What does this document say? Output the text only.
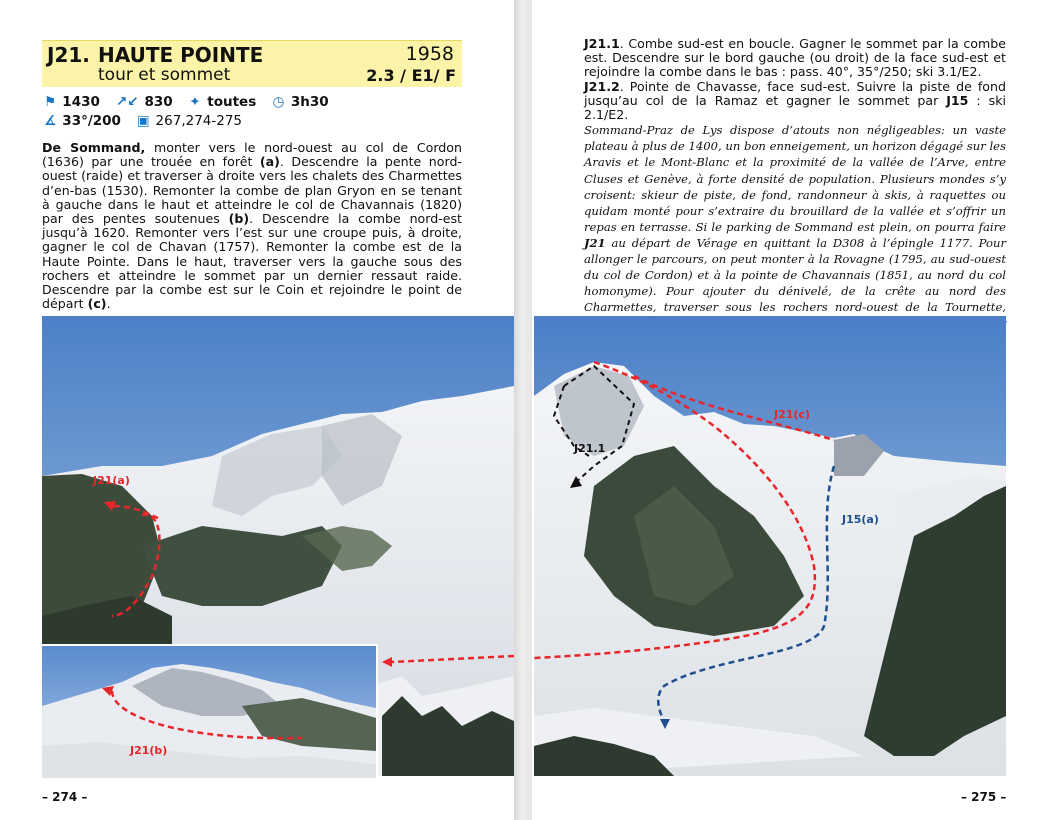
J21. HAUTE POINTE
tour et sommet
1958
2.3 / E1/ F
⚑ 1430 ↗↙ 830 ✦ toutes ◷ 3h30
∡ 33°/200 ▣ 267,274-275
De Sommand, monter vers le nord-ouest au col de Cordon (1636) par une trouée en forêt (a). Descendre la pente nord-ouest (raide) et traverser à droite vers les chalets des Charmettes d’en-bas (1530). Remonter la combe de plan Gryon en se tenant à gauche dans le haut et atteindre le col de Chavannais (1820) par des pentes soutenues (b). Descendre la combe nord-est jusqu’à 1620. Remonter vers l’est sur une croupe puis, à droite, gagner le col de Chavan (1757). Remonter la combe est de la Haute Pointe. Dans le haut, traverser vers la gauche sous des rochers et atteindre le sommet par un dernier ressaut raide. Descendre par la combe est sur le Coin et rejoindre le point de départ (c).
J21(a)
J21(b)
– 274 –

J21.1. Combe sud-est en boucle. Gagner le sommet par la combe est. Descendre sur le bord gauche (ou droit) de la face sud-est et rejoindre la combe dans le bas : pass. 40°, 35°/250; ski 3.1/E2.

J21.2. Pointe de Chavasse, face sud-est. Suivre la piste de fond jusqu’au col de la Ramaz et gagner le sommet par J15 : ski 2.1/E2.

Sommand-Praz de Lys dispose d’atouts non négligeables: un vaste plateau à plus de 1400, un bon enneigement, un horizon dégagé sur les Aravis et le Mont-Blanc et la proximité de la vallée de l’Arve, entre Cluses et Genève, à forte densité de population. Plusieurs mondes s’y croisent: skieur de piste, de fond, randonneur à skis, à raquettes ou quidam monté pour s’extraire du brouillard de la vallée et s’offrir un repas en terrasse. Si le parking de Sommand est plein, on pourra faire J21 au départ de Vérage en quittant la D308 à l’épingle 1177. Pour allonger le parcours, on peut monter à la Rovagne (1795, au sud-ouest du col de Cordon) et à la pointe de Chavannais (1851, au nord du col homonyme). Pour ajouter du dénivelé, de la crête au nord des Charmettes, traverser sous les rochers nord-ouest de la Tournette,

J21.1
J21(c)
J15(a)
– 275 –
